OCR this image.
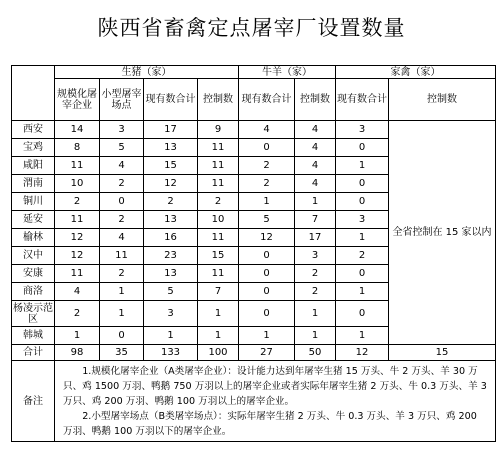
陕西省畜禽定点屠宰厂设置数量
	生猪（家）				牛羊（家）		家禽（家）	
	规模化屠宰企业	小型屠宰场点	现有数合计	控制数	现有数合计	控制数	现有数合计	控制数
西安	14	3	17	9	4	4	3	全省控制在 15 家以内
宝鸡	8	5	13	11	0	4	0	
咸阳	11	4	15	11	2	4	1	
渭南	10	2	12	11	2	4	0	
铜川	2	0	2	2	1	1	0	
延安	11	2	13	10	5	7	3	
榆林	12	4	16	11	12	17	1	
汉中	12	11	23	15	0	3	2	
安康	11	2	13	11	0	2	0	
商洛	4	1	5	7	0	2	1	
杨凌示范区	2	1	3	1	0	1	0	
韩城	1	0	1	1	1	1	1	
合计	98	35	133	100	27	50	12	15
备注	1.规模化屠宰企业（A类屠宰企业）：设计能力达到年屠宰生猪 15 万头、牛 2 万头、羊 30 万只、鸡 1500 万羽、鸭鹅 750 万羽以上的屠宰企业或者实际年屠宰生猪 2 万头、牛 0.3 万头、羊 3 万只、鸡 200 万羽、鸭鹅 100 万羽以上的屠宰企业。
2.小型屠宰场点（B类屠宰场点）：实际年屠宰生猪 2 万头、牛 0.3 万头、羊 3 万只、鸡 200 万羽、鸭鹅 100 万羽以下的屠宰企业。							
